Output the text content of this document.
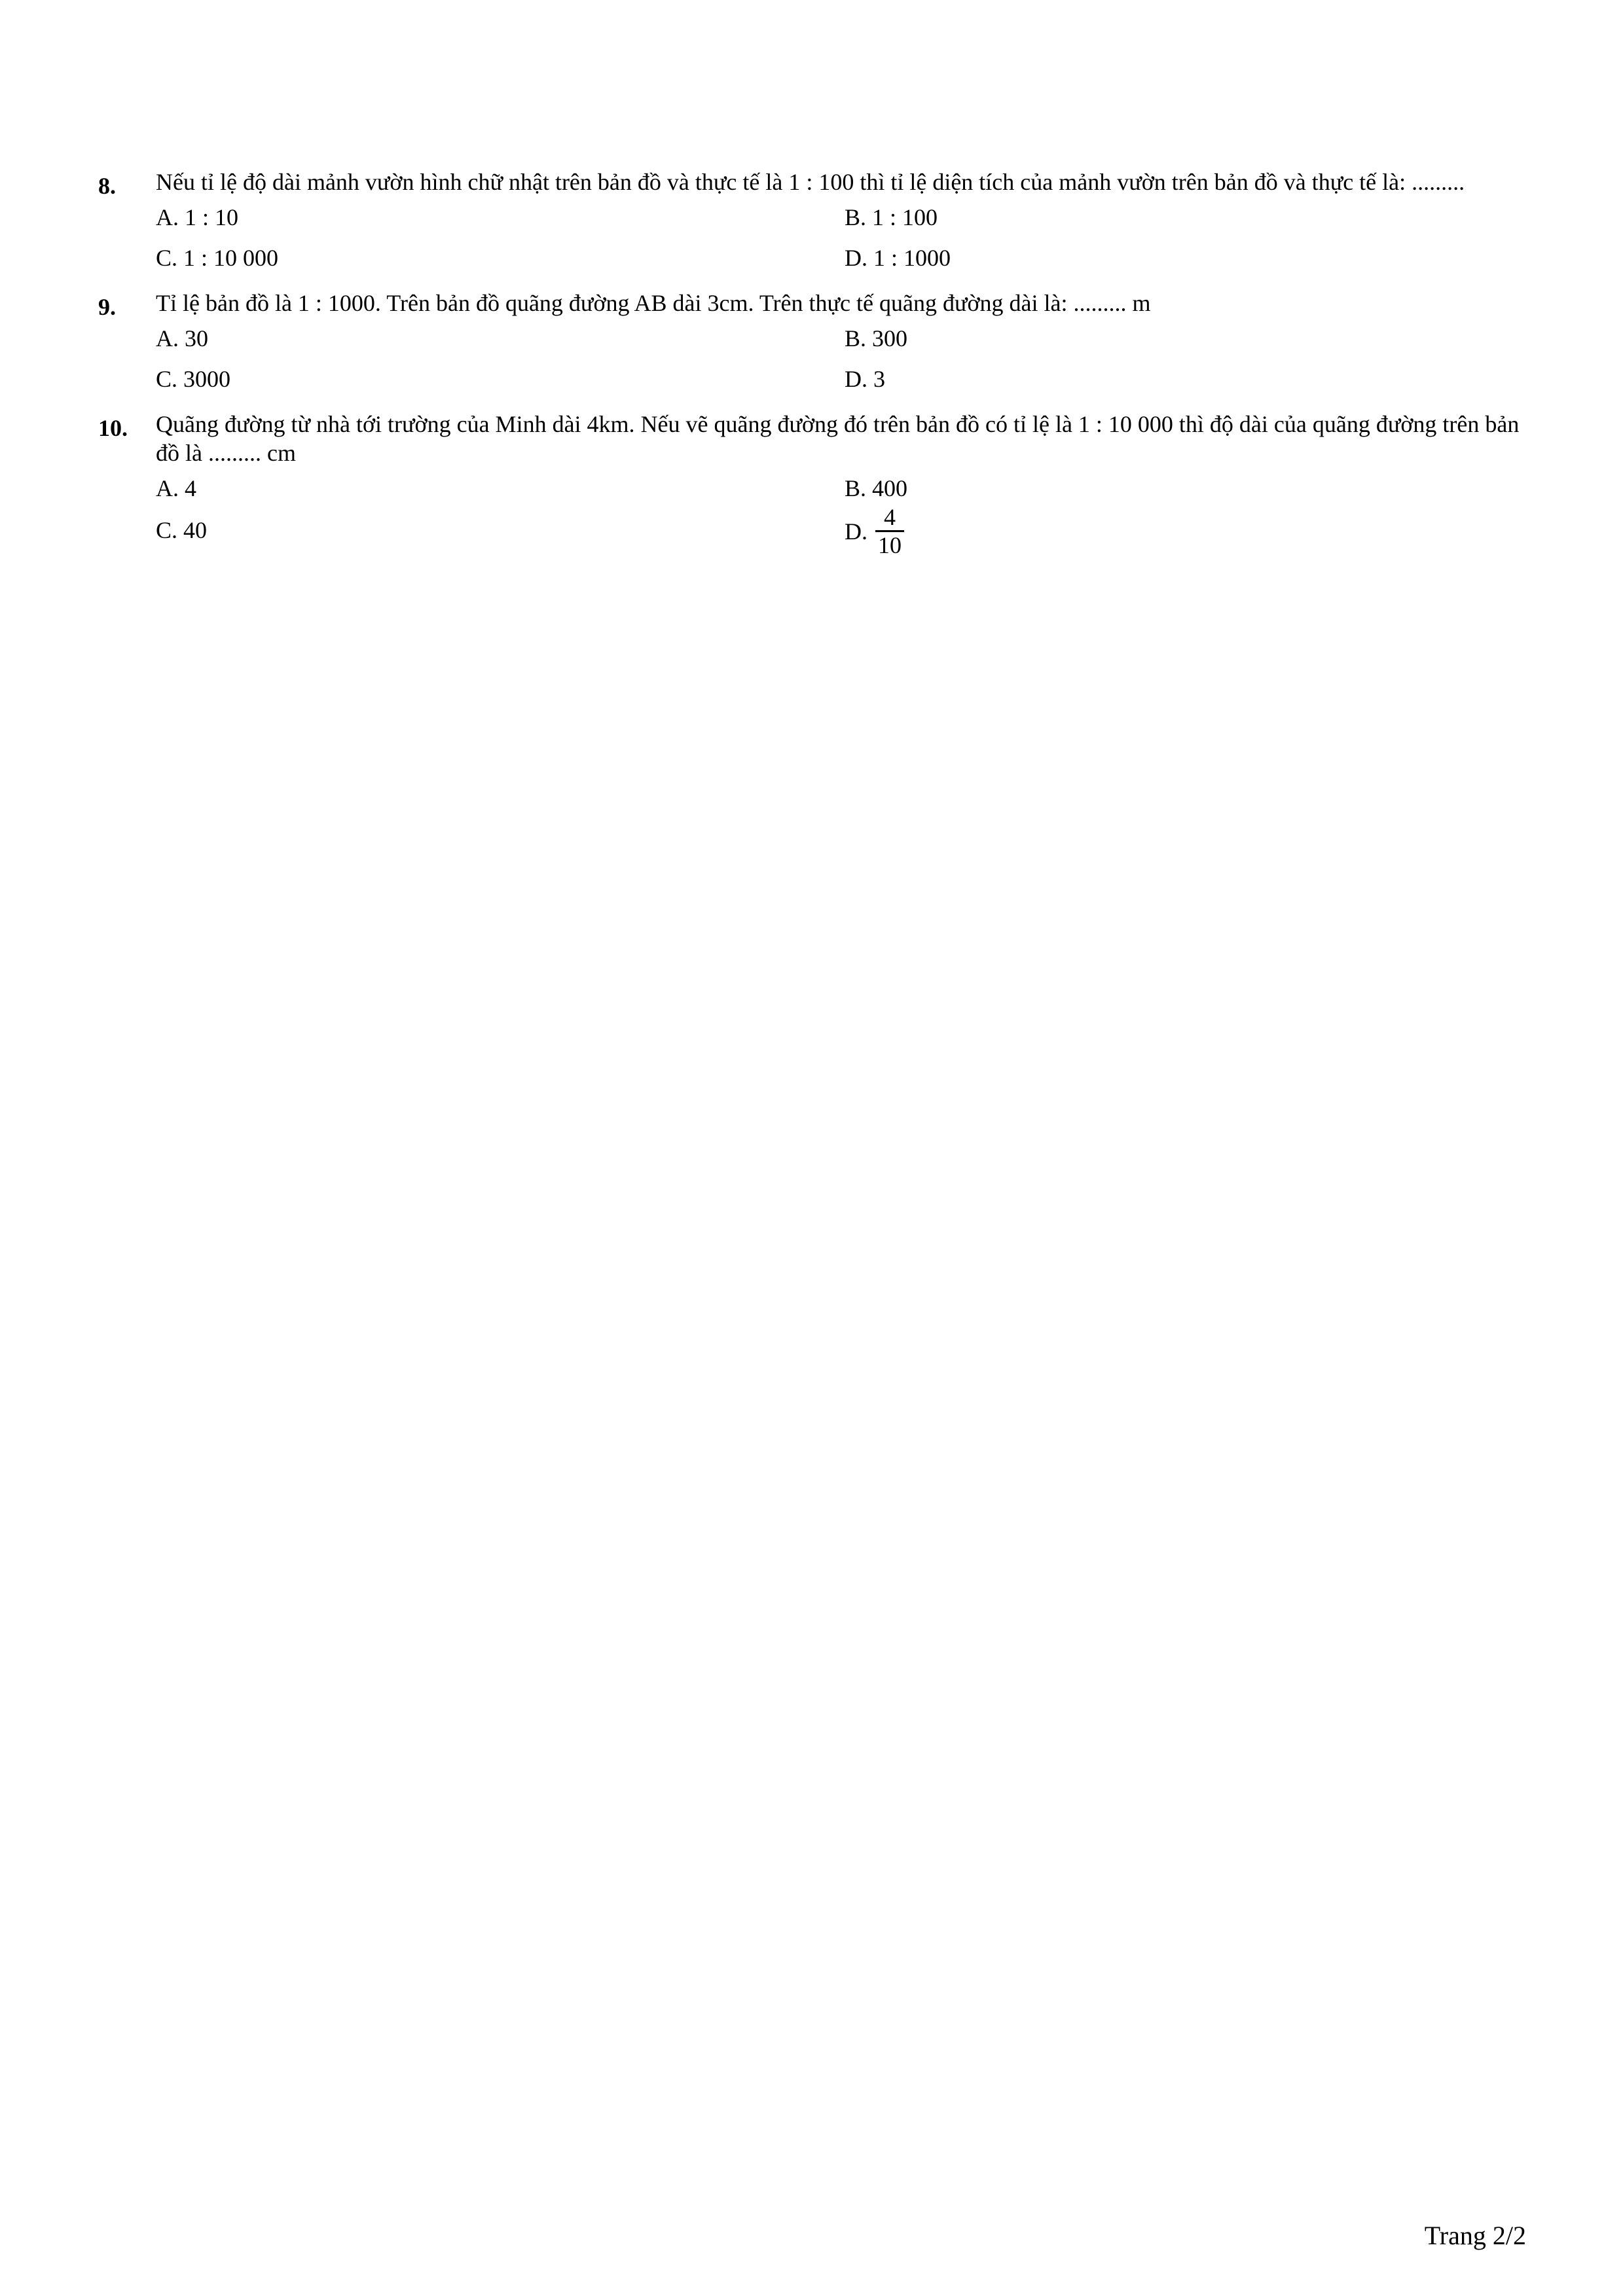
8. Nếu tỉ lệ độ dài mảnh vườn hình chữ nhật trên bản đồ và thực tế là 1 : 100 thì tỉ lệ diện tích của mảnh vườn trên bản đồ và thực tế là: .........
A. 1 : 10	B. 1 : 100
C. 1 : 10 000	D. 1 : 1000
9. Tỉ lệ bản đồ là 1 : 1000. Trên bản đồ quãng đường AB dài 3cm. Trên thực tế quãng đường dài là: ......... m
A. 30	B. 300
C. 3000	D. 3
10. Quãng đường từ nhà tới trường của Minh dài 4km. Nếu vẽ quãng đường đó trên bản đồ có tỉ lệ là 1 : 10 000 thì độ dài của quãng đường trên bản đồ là ......... cm
A. 4	B. 400
C. 40	D. $\frac{4}{10}$
Trang 2/2
